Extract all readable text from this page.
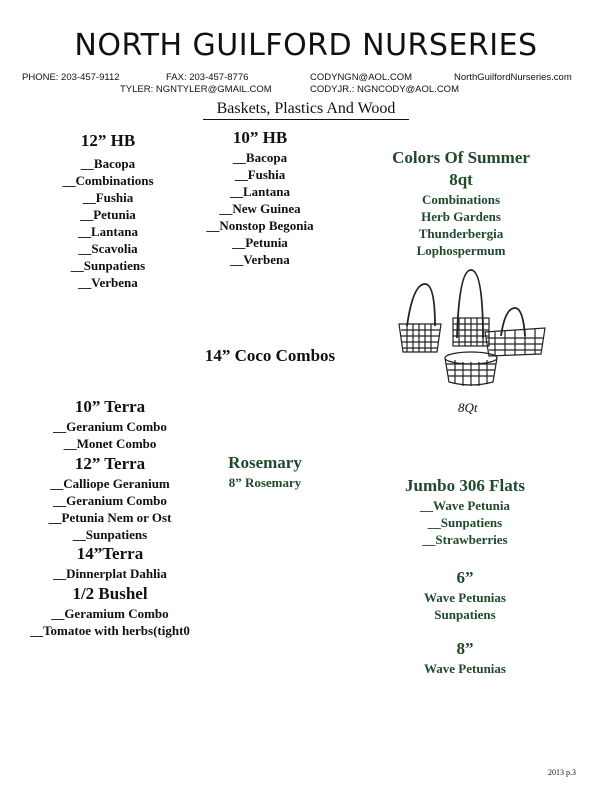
NORTH GUILFORD NURSERIES
PHONE: 203-457-9112	FAX: 203-457-8776	CODYNGN@AOL.COM	NorthGuilfordNurseries.com
TYLER: NGNTYLER@GMAIL.COM	CODYJR.: NGNCODY@AOL.COM
Baskets, Plastics And Wood
12” HB
__Bacopa
__Combinations
__Fushia
__Petunia
__Lantana
__Scavolia
__Sunpatiens
__Verbena
10” HB
__Bacopa
__Fushia
__Lantana
__New Guinea
__Nonstop Begonia
__Petunia
__Verbena
Colors Of Summer
8qt
Combinations
Herb Gardens
Thunderbergia
Lophospermum
8Qt
14” Coco Combos
10” Terra
__Geranium Combo
__Monet Combo
12” Terra
__Calliope Geranium
__Geranium Combo
__Petunia Nem or Ost
__Sunpatiens
14”Terra
__Dinnerplat Dahlia
1/2 Bushel
__Geramium Combo
__Tomatoe with herbs(tight0
Rosemary
8” Rosemary	Jumbo 306 Flats
__Wave Petunia
__Sunpatiens
__Strawberries
6”
Wave Petunias
Sunpatiens
8”
Wave Petunias
2013 p.3
